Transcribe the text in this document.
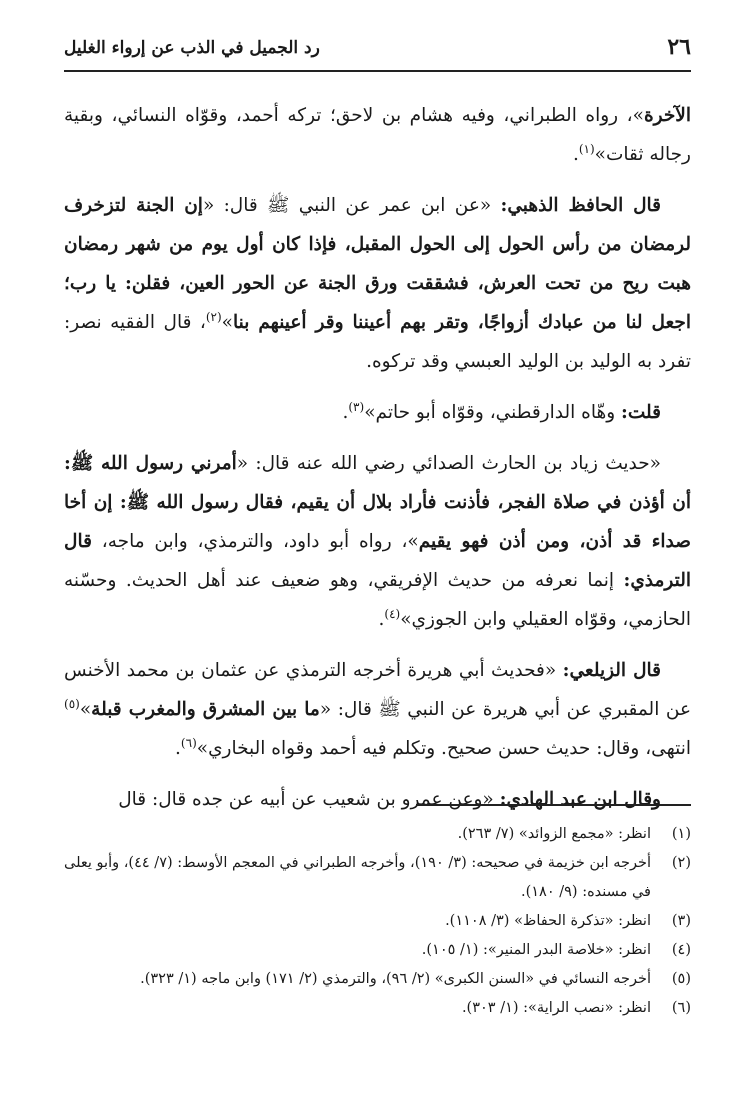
٢٦
رد الجميل في الذب عن إرواء الغليل

الآخرة»، رواه الطبراني، وفيه هشام بن لاحق؛ تركه أحمد، وقوّاه النسائي، وبقية رجاله ثقات»$^{(١)}$.

قال الحافظ الذهبي: «عن ابن عمر عن النبي ﷺ قال: «إن الجنة لتزخرف لرمضان من رأس الحول إلى الحول المقبل، فإذا كان أول يوم من شهر رمضان هبت ريح من تحت العرش، فشققت ورق الجنة عن الحور العين، فقلن: يا رب؛ اجعل لنا من عبادك أزواجًا، وتقر بهم أعيننا وقر أعينهم بنا»$^{(٢)}$، قال الفقيه نصر: تفرد به الوليد بن الوليد العبسي وقد تركوه.

قلت: وهّاه الدارقطني، وقوّاه أبو حاتم»$^{(٣)}$.

«حديث زياد بن الحارث الصدائي رضي الله عنه قال: «أمرني رسول الله ﷺ: أن أؤذن في صلاة الفجر، فأذنت فأراد بلال أن يقيم، فقال رسول الله ﷺ: إن أخا صداء قد أذن، ومن أذن فهو يقيم»، رواه أبو داود، والترمذي، وابن ماجه، قال الترمذي: إنما نعرفه من حديث الإفريقي، وهو ضعيف عند أهل الحديث. وحسّنه الحازمي، وقوّاه العقيلي وابن الجوزي»$^{(٤)}$.

قال الزيلعي: «فحديث أبي هريرة أخرجه الترمذي عن عثمان بن محمد الأخنس عن المقبري عن أبي هريرة عن النبي ﷺ قال: «ما بين المشرق والمغرب قبلة»$^{(٥)}$ انتهى، وقال: حديث حسن صحيح. وتكلم فيه أحمد وقواه البخاري»$^{(٦)}$.

وقال ابن عبد الهادي: «وعن عمرو بن شعيب عن أبيه عن جده قال: قال

(١)
انظر: «مجمع الزوائد» (٧/ ٢٦٣).
(٢)
أخرجه ابن خزيمة في صحيحه: (٣/ ١٩٠)، وأخرجه الطبراني في المعجم الأوسط: (٧/ ٤٤)، وأبو يعلى في مسنده: (٩/ ١٨٠).
(٣)
انظر: «تذكرة الحفاظ» (٣/ ١١٠٨).
(٤)
انظر: «خلاصة البدر المنير»: (١/ ١٠٥).
(٥)
أخرجه النسائي في «السنن الكبرى» (٢/ ٩٦)، والترمذي (٢/ ١٧١) وابن ماجه (١/ ٣٢٣).
(٦)
انظر: «نصب الراية»: (١/ ٣٠٣).
